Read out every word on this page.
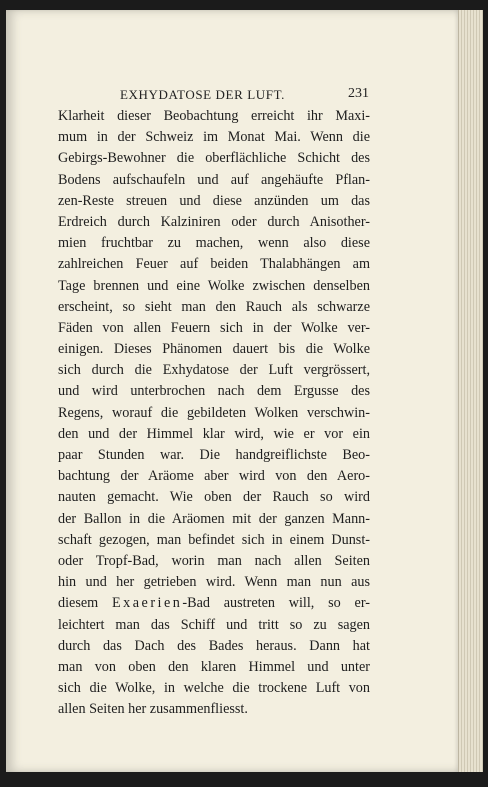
EXHYDATOSE DER LUFT.	231
Klarheit dieser Beobachtung erreicht ihr Maxi-
mum in der Schweiz im Monat Mai. Wenn die
Gebirgs-Bewohner die oberflächliche Schicht des
Bodens aufschaufeln und auf angehäufte Pflan-
zen-Reste streuen und diese anzünden um das
Erdreich durch Kalziniren oder durch Anisother-
mien fruchtbar zu machen, wenn also diese
zahlreichen Feuer auf beiden Thalabhängen am
Tage brennen und eine Wolke zwischen denselben
erscheint, so sieht man den Rauch als schwarze
Fäden von allen Feuern sich in der Wolke ver-
einigen. Dieses Phänomen dauert bis die Wolke
sich durch die Exhydatose der Luft vergrössert,
und wird unterbrochen nach dem Ergusse des
Regens, worauf die gebildeten Wolken verschwin-
den und der Himmel klar wird, wie er vor ein
paar Stunden war. Die handgreiflichste Beo-
bachtung der Aräome aber wird von den Aero-
nauten gemacht. Wie oben der Rauch so wird
der Ballon in die Aräomen mit der ganzen Mann-
schaft gezogen, man befindet sich in einem Dunst-
oder Tropf-Bad, worin man nach allen Seiten
hin und her getrieben wird. Wenn man nun aus
diesem Exaerien-Bad austreten will, so er-
leichtert man das Schiff und tritt so zu sagen
durch das Dach des Bades heraus. Dann hat
man von oben den klaren Himmel und unter
sich die Wolke, in welche die trockene Luft von
allen Seiten her zusammenfliesst.
